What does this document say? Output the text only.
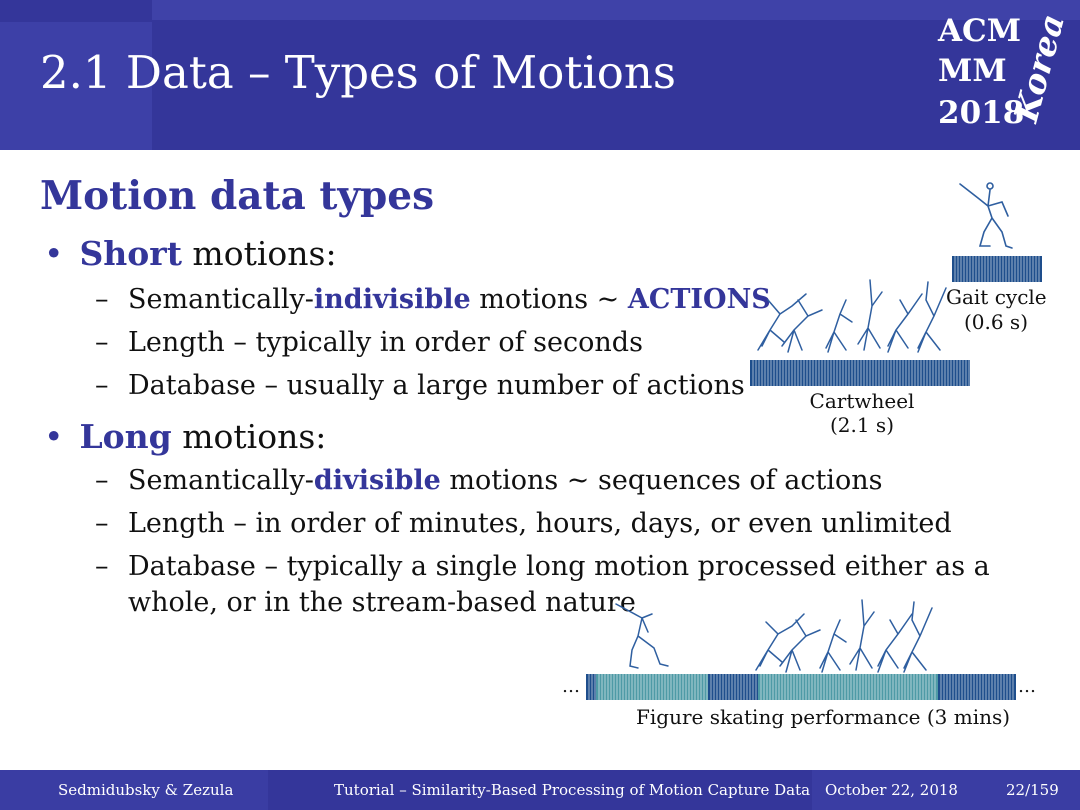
2.1 Data – Types of Motions
ACM
MM
2018
Korea
Motion data types
• Short motions:
– Semantically-indivisible motions ~ ACTIONS
– Length – typically in order of seconds
– Database – usually a large number of actions
• Long motions:
– Semantically-divisible motions ~ sequences of actions
– Length – in order of minutes, hours, days, or even unlimited
– Database – typically a single long motion processed either as a
whole, or in the stream-based nature
Gait cycle
(0.6 s)
Cartwheel
(2.1 s)
…	…
Figure skating performance (3 mins)
Sedmidubsky & Zezula	Tutorial – Similarity-Based Processing of Motion Capture Data October 22, 2018	22/159
